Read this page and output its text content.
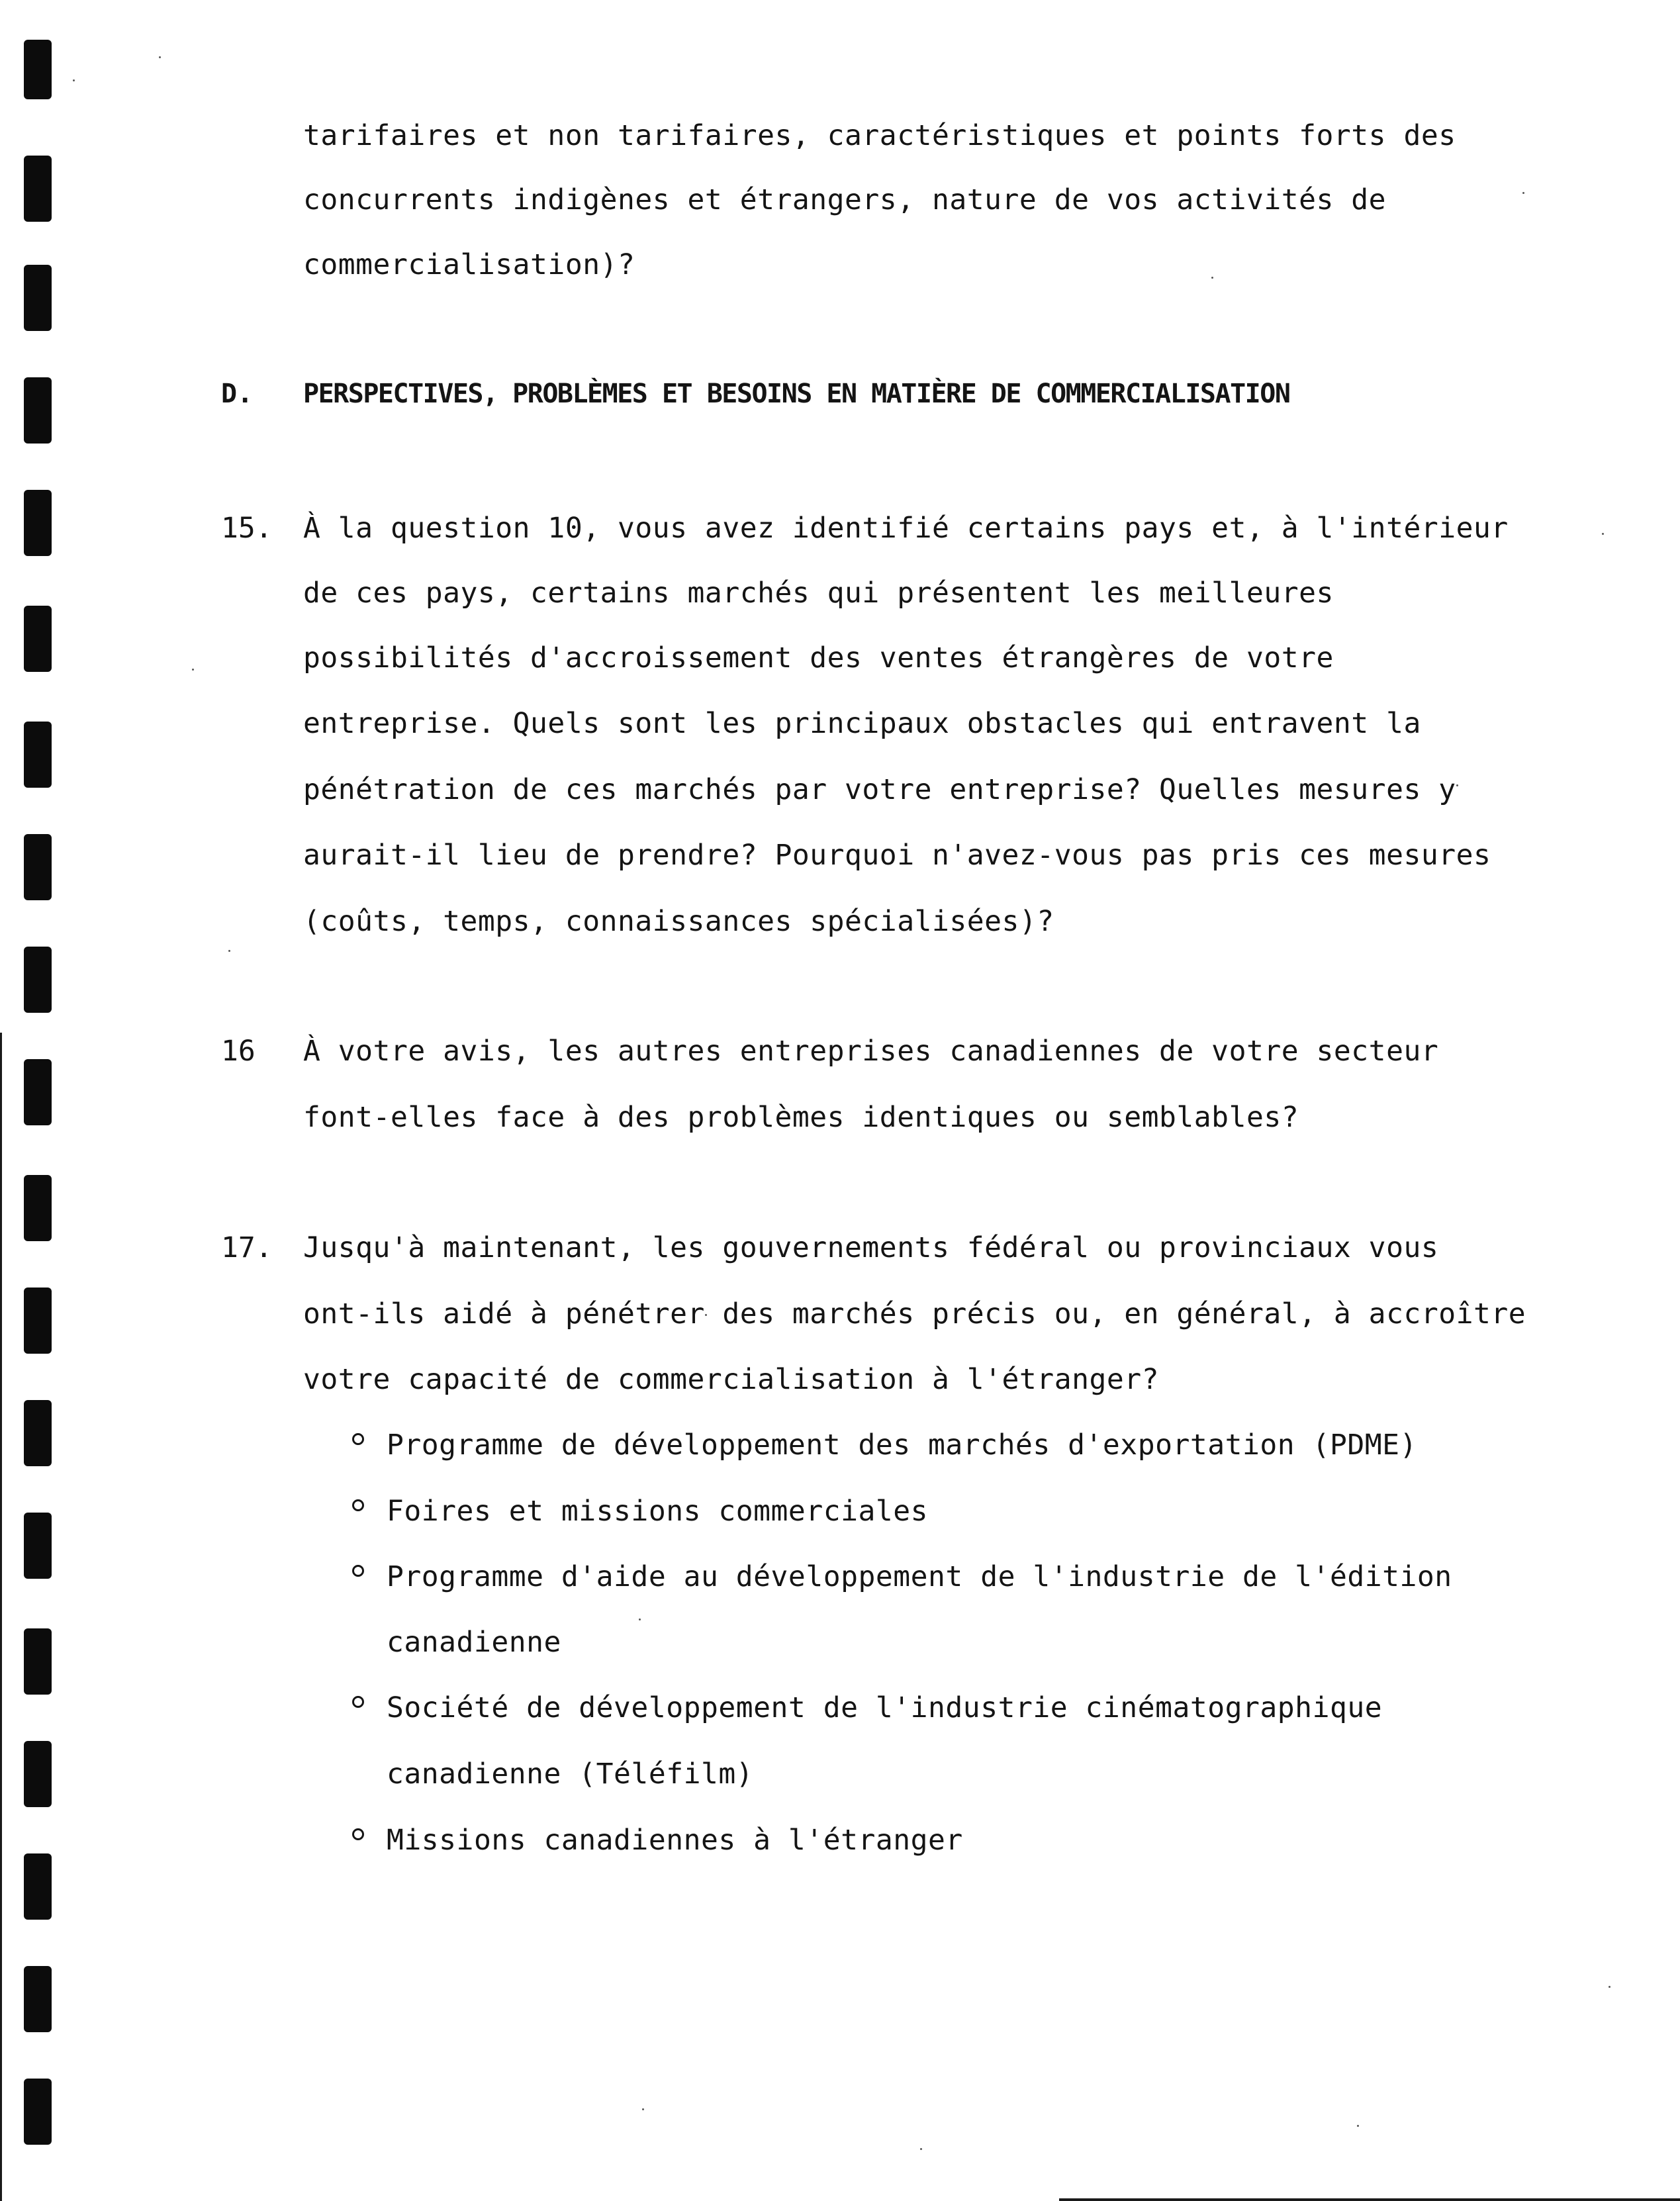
tarifaires et non tarifaires, caractéristiques et points forts des
concurrents indigènes et étrangers, nature de vos activités de
commercialisation)?
D. PERSPECTIVES, PROBLÈMES ET BESOINS EN MATIÈRE DE COMMERCIALISATION
15. À la question 10, vous avez identifié certains pays et, à l'intérieur
de ces pays, certains marchés qui présentent les meilleures
possibilités d'accroissement des ventes étrangères de votre
entreprise. Quels sont les principaux obstacles qui entravent la
pénétration de ces marchés par votre entreprise? Quelles mesures y
aurait-il lieu de prendre? Pourquoi n'avez-vous pas pris ces mesures
(coûts, temps, connaissances spécialisées)?
16 À votre avis, les autres entreprises canadiennes de votre secteur
font-elles face à des problèmes identiques ou semblables?
17. Jusqu'à maintenant, les gouvernements fédéral ou provinciaux vous
ont-ils aidé à pénétrer des marchés précis ou, en général, à accroître
votre capacité de commercialisation à l'étranger?
Programme de développement des marchés d'exportation (PDME)
Foires et missions commerciales
Programme d'aide au développement de l'industrie de l'édition
canadienne
Société de développement de l'industrie cinématographique
canadienne (Téléfilm)
Missions canadiennes à l'étranger
